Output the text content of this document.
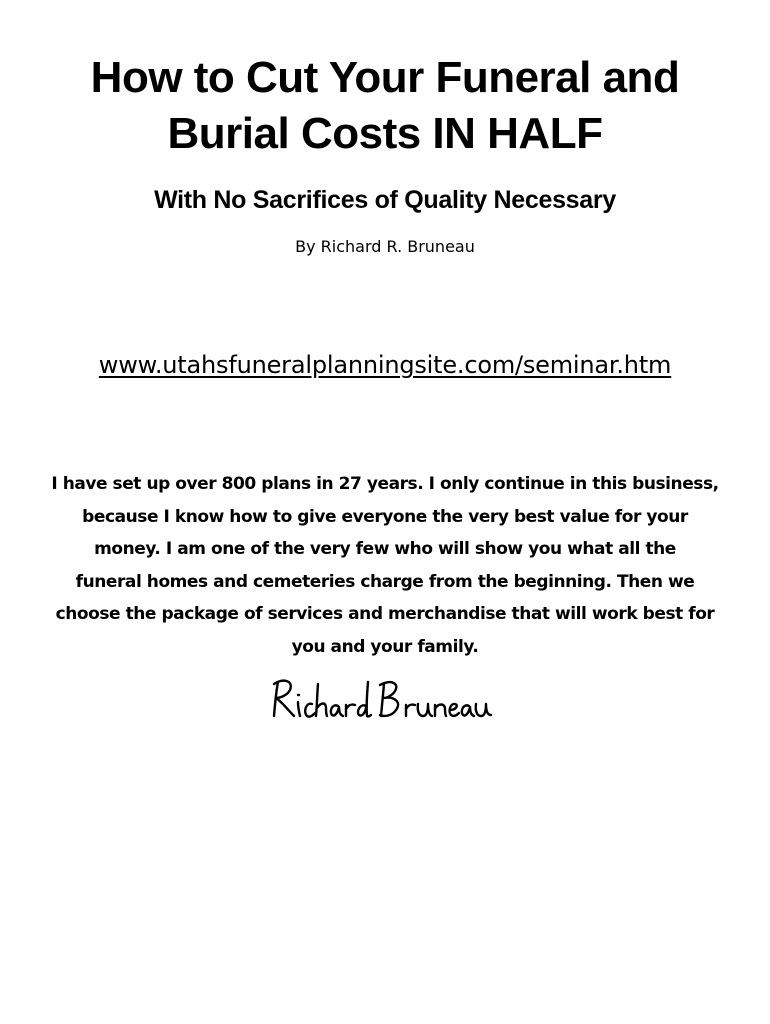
How to Cut Your Funeral and
Burial Costs IN HALF
With No Sacrifices of Quality Necessary

By Richard R. Bruneau

www.utahsfuneralplanningsite.com/seminar.htm

I have set up over 800 plans in 27 years. I only continue in this business,
because I know how to give everyone the very best value for your
money. I am one of the very few who will show you what all the
funeral homes and cemeteries charge from the beginning. Then we
choose the package of services and merchandise that will work best for
you and your family.
